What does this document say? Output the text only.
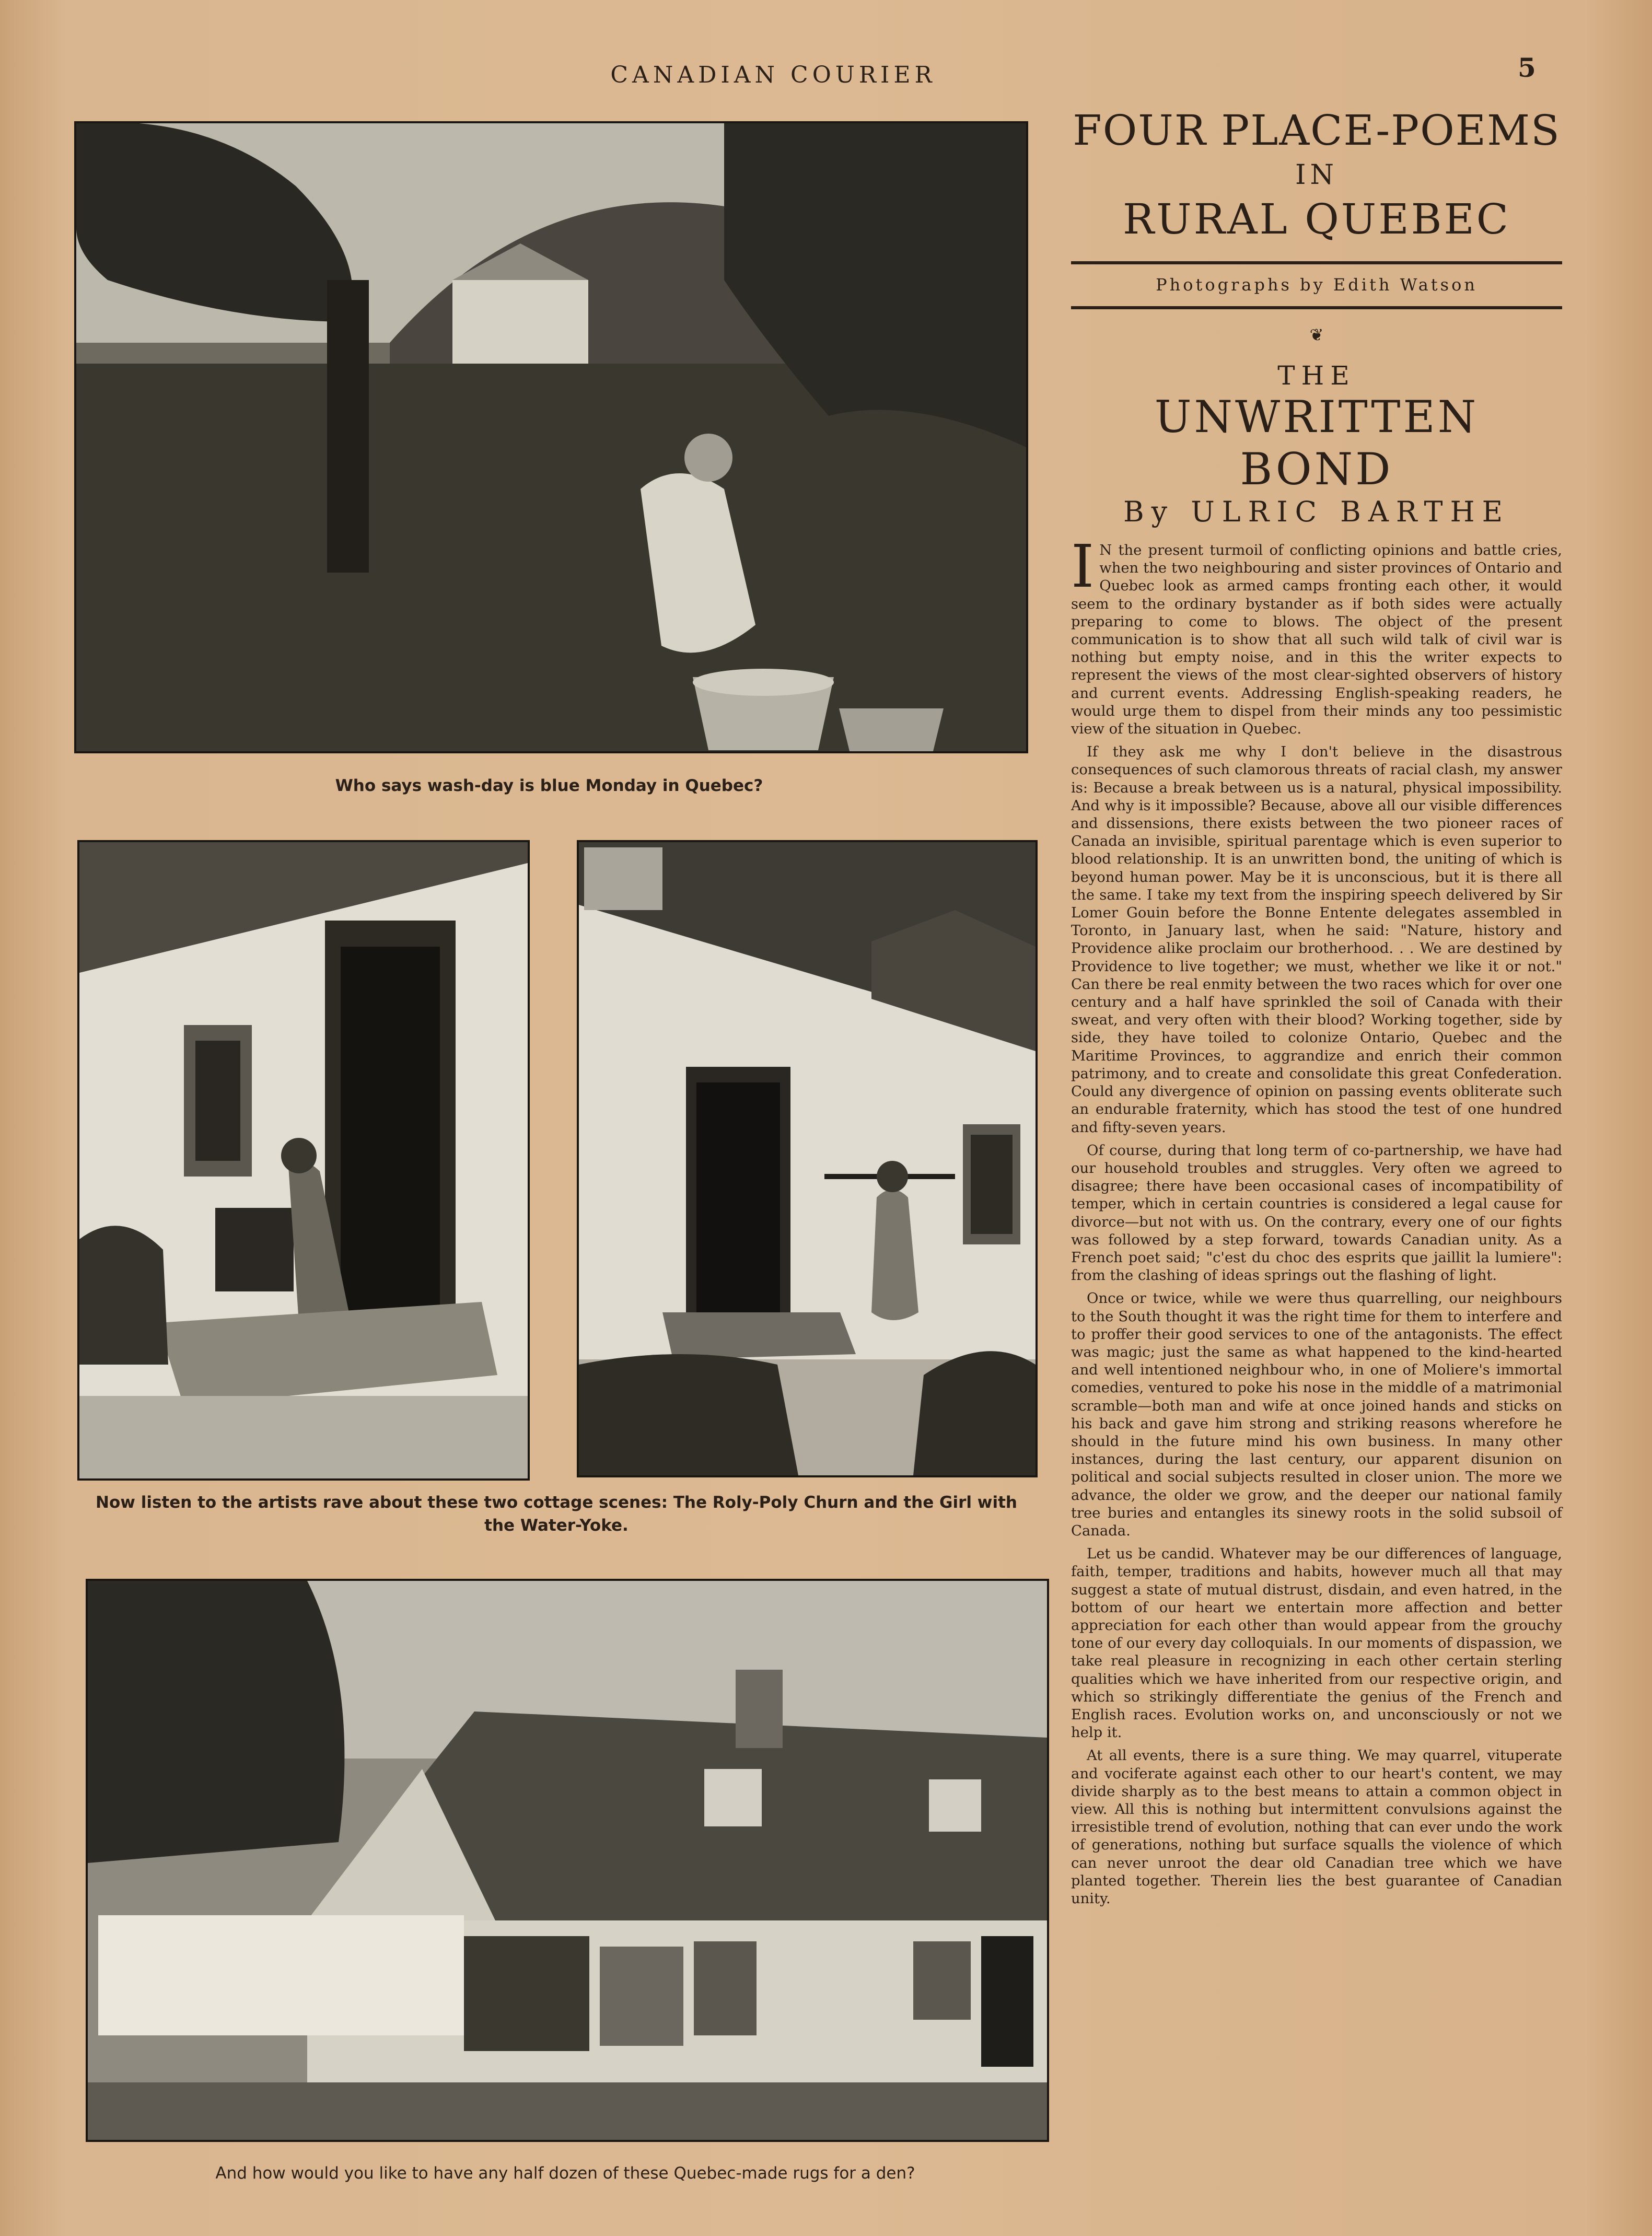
CANADIAN COURIER	5
Who says wash-day is blue Monday in Quebec?
Now listen to the artists rave about these two cottage scenes: The Roly-Poly Churn and the Girl with the Water-Yoke.
And how would you like to have any half dozen of these Quebec-made rugs for a den?
FOUR PLACE-POEMS
IN
RURAL QUEBEC
Photographs by Edith Watson
❦
THE
UNWRITTEN BOND
By ULRIC BARTHE

I N the present turmoil of conflicting opinions and battle cries, when the two neighbouring and sister provinces of Ontario and Quebec look as armed camps fronting each other, it would seem to the ordinary bystander as if both sides were actually preparing to come to blows. The object of the present communication is to show that all such wild talk of civil war is nothing but empty noise, and in this the writer expects to represent the views of the most clear-sighted observers of history and current events. Addressing English-speaking readers, he would urge them to dispel from their minds any too pessimistic view of the situation in Quebec.

If they ask me why I don't believe in the disastrous consequences of such clamorous threats of racial clash, my answer is: Because a break between us is a natural, physical impossibility. And why is it impossible? Because, above all our visible differences and dissensions, there exists between the two pioneer races of Canada an invisible, spiritual parentage which is even superior to blood relationship. It is an unwritten bond, the uniting of which is beyond human power. May be it is unconscious, but it is there all the same. I take my text from the inspiring speech delivered by Sir Lomer Gouin before the Bonne Entente delegates assembled in Toronto, in January last, when he said: "Nature, history and Providence alike proclaim our brotherhood. . . We are destined by Providence to live together; we must, whether we like it or not." Can there be real enmity between the two races which for over one century and a half have sprinkled the soil of Canada with their sweat, and very often with their blood? Working together, side by side, they have toiled to colonize Ontario, Quebec and the Maritime Provinces, to aggrandize and enrich their common patrimony, and to create and consolidate this great Confederation. Could any divergence of opinion on passing events obliterate such an endurable fraternity, which has stood the test of one hundred and fifty-seven years.

Of course, during that long term of co-partnership, we have had our household troubles and struggles. Very often we agreed to disagree; there have been occasional cases of incompatibility of temper, which in certain countries is considered a legal cause for divorce—but not with us. On the contrary, every one of our fights was followed by a step forward, towards Canadian unity. As a French poet said; "c'est du choc des esprits que jaillit la lumiere": from the clashing of ideas springs out the flashing of light.

Once or twice, while we were thus quarrelling, our neighbours to the South thought it was the right time for them to interfere and to proffer their good services to one of the antagonists. The effect was magic; just the same as what happened to the kind-hearted and well intentioned neighbour who, in one of Moliere's immortal comedies, ventured to poke his nose in the middle of a matrimonial scramble—both man and wife at once joined hands and sticks on his back and gave him strong and striking reasons wherefore he should in the future mind his own business. In many other instances, during the last century, our apparent disunion on political and social subjects resulted in closer union. The more we advance, the older we grow, and the deeper our national family tree buries and entangles its sinewy roots in the solid subsoil of Canada.

Let us be candid. Whatever may be our differences of language, faith, temper, traditions and habits, however much all that may suggest a state of mutual distrust, disdain, and even hatred, in the bottom of our heart we entertain more affection and better appreciation for each other than would appear from the grouchy tone of our every day colloquials. In our moments of dispassion, we take real pleasure in recognizing in each other certain sterling qualities which we have inherited from our respective origin, and which so strikingly differentiate the genius of the French and English races. Evolution works on, and unconsciously or not we help it.

At all events, there is a sure thing. We may quarrel, vituperate and vociferate against each other to our heart's content, we may divide sharply as to the best means to attain a common object in view. All this is nothing but intermittent convulsions against the irresistible trend of evolution, nothing that can ever undo the work of generations, nothing but surface squalls the violence of which can never unroot the dear old Canadian tree which we have planted together. Therein lies the best guarantee of Canadian unity.
